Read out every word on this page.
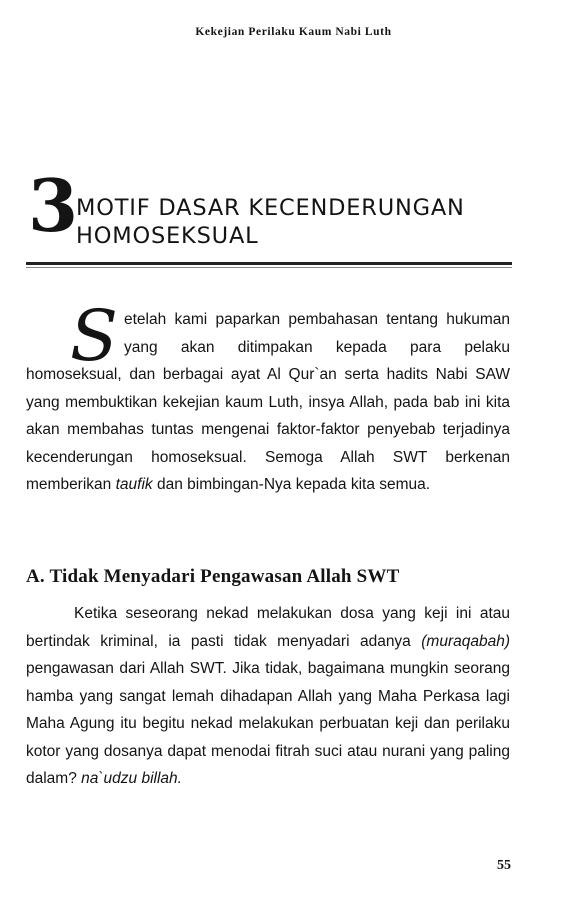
Kekejian Perilaku Kaum Nabi Luth
3
MOTIF DASAR KECENDERUNGAN HOMOSEKSUAL
Setelah kami paparkan pembahasan tentang hukuman yang akan ditimpakan kepada para pelaku homoseksual, dan berbagai ayat Al Qur`an serta hadits Nabi SAW yang membuktikan kekejian kaum Luth, insya Allah, pada bab ini kita akan membahas tuntas mengenai faktor-faktor penyebab terjadinya kecenderungan homoseksual. Semoga Allah SWT berkenan memberikan taufik dan bimbingan-Nya kepada kita semua.
A. Tidak Menyadari Pengawasan Allah SWT
Ketika seseorang nekad melakukan dosa yang keji ini atau bertindak kriminal, ia pasti tidak menyadari adanya (muraqabah) pengawasan dari Allah SWT. Jika tidak, bagaimana mungkin seorang hamba yang sangat lemah dihadapan Allah yang Maha Perkasa lagi Maha Agung itu begitu nekad melakukan perbuatan keji dan perilaku kotor yang dosanya dapat menodai fitrah suci atau nurani yang paling dalam? na`udzu billah.
55
